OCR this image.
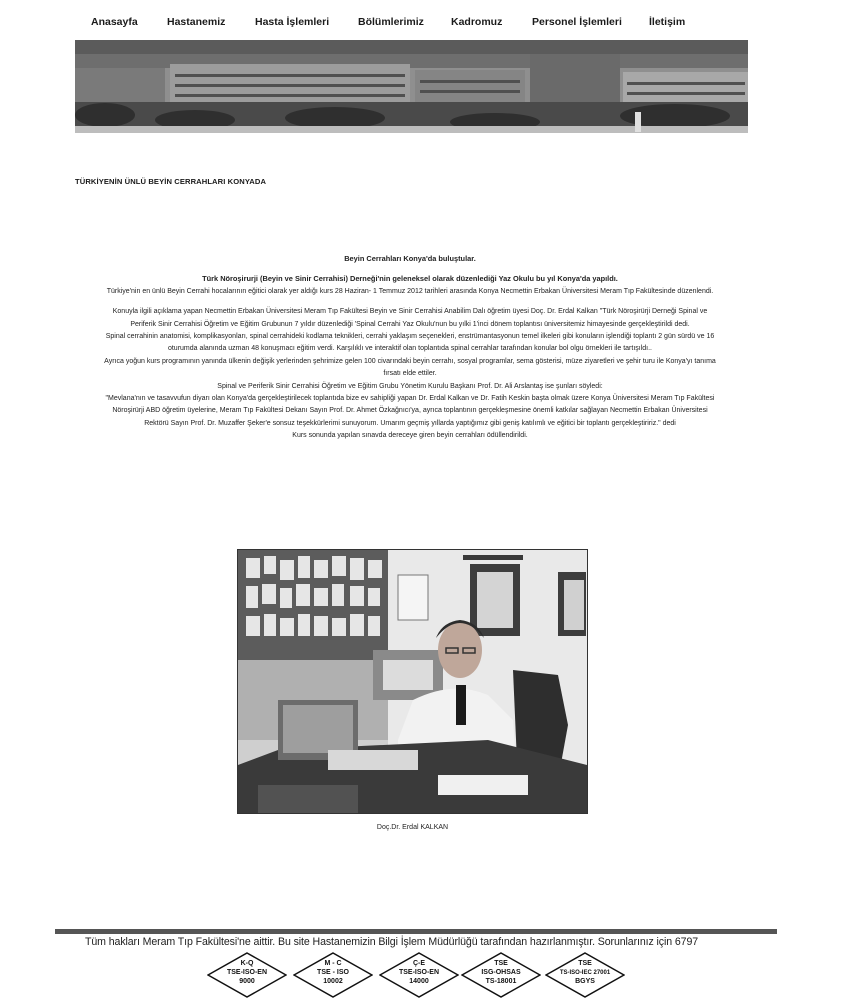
Anasayfa	Hastanemiz	Hasta İşlemleri	Bölümlerimiz	Kadromuz	Personel İşlemleri	İletişim
TÜRKİYENİN ÜNLÜ BEYİN CERRAHLARI KONYADA

Beyin Cerrahları Konya'da buluştular.

Türk Nöroşirurji (Beyin ve Sinir Cerrahisi) Derneği'nin geleneksel olarak düzenlediği Yaz Okulu bu yıl Konya'da yapıldı.

Türkiye'nin en ünlü Beyin Cerrahi hocalarının eğitici olarak yer aldığı kurs 28 Haziran- 1 Temmuz 2012 tarihleri arasında Konya Necmettin Erbakan Üniversitesi Meram Tıp Fakültesinde düzenlendi.

Konuyla ilgili açıklama yapan Necmettin Erbakan Üniversitesi Meram Tıp Fakültesi Beyin ve Sinir Cerrahisi Anabilim Dalı öğretim üyesi Doç. Dr. Erdal Kalkan "Türk Nöroşirürji Derneği Spinal ve Periferik Sinir Cerrahisi Öğretim ve Eğitim Grubunun 7 yıldır düzenlediği 'Spinal Cerrahi Yaz Okulu'nun bu yılki 1'inci dönem toplantısı üniversitemiz himayesinde gerçekleştirildi dedi.

Spinal cerrahinin anatomisi, komplikasyonları, spinal cerrahideki kodlama teknikleri, cerrahi yaklaşım seçenekleri, enstrümantasyonun temel ilkeleri gibi konuların işlendiği toplantı 2 gün sürdü ve 16 oturumda alanında uzman 48 konuşmacı eğitim verdi. Karşılıklı ve interaktif olan toplantıda spinal cerrahlar tarafından konular bol olgu örnekleri ile tartışıldı..

Ayrıca yoğun kurs programının yanında ülkenin değişik yerlerinden şehrimize gelen 100 civarındaki beyin cerrahı, sosyal programlar, sema gösterisi, müze ziyaretleri ve şehir turu ile Konya'yı tanıma fırsatı elde ettiler.

Spinal ve Periferik Sinir Cerrahisi Öğretim ve Eğitim Grubu Yönetim Kurulu Başkanı Prof. Dr. Ali Arslantaş ise şunları söyledi:

"Mevlana'nın ve tasavvufun diyarı olan Konya'da gerçekleştirilecek toplantıda bize ev sahipliği yapan Dr. Erdal Kalkan ve Dr. Fatih Keskin başta olmak üzere Konya Üniversitesi Meram Tıp Fakültesi Nöroşirürji ABD öğretim üyelerine, Meram Tıp Fakültesi Dekanı Sayın Prof. Dr. Ahmet Özkağnıcı'ya, ayrıca toplantının gerçekleşmesine önemli katkılar sağlayan Necmettin Erbakan Üniversitesi Rektörü Sayın Prof. Dr. Muzaffer Şeker'e sonsuz teşekkürlerimi sunuyorum. Umarım geçmiş yıllarda yaptığımız gibi geniş katılımlı ve eğitici bir toplantı gerçekleştiririz." dedi

Kurs sonunda yapılan sınavda dereceye giren beyin cerrahları ödüllendirildi.

Doç.Dr. Erdal KALKAN
Tüm hakları Meram Tıp Fakültesi'ne aittir. Bu site Hastanemizin Bilgi İşlem Müdürlüğü tarafından hazırlanmıştır. Sorunlarınız için 6797
K-Q
TSE-ISO-EN
9000
M - C
TSE - ISO
10002
Ç-E
TSE-ISO-EN
14000
TSE
ISG-OHSAS
TS-18001
TSE
TS-ISO-IEC 27001
BGYS
